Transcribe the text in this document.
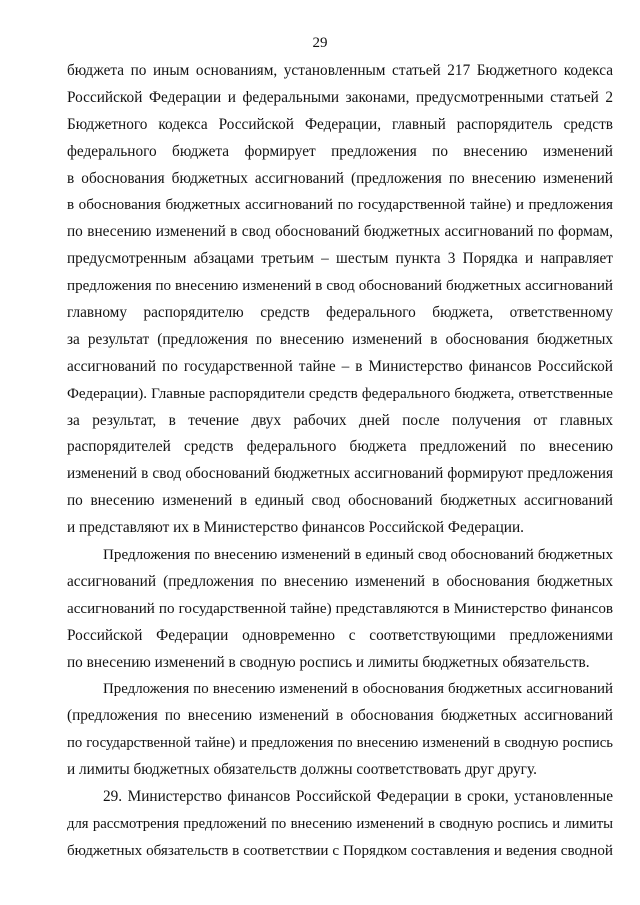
29
бюджета по иным основаниям, установленным статьей 217 Бюджетного кодекса
Российской Федерации и федеральными законами, предусмотренными статьей 2
Бюджетного кодекса Российской Федерации, главный распорядитель средств
федерального бюджета формирует предложения по внесению изменений
в обоснования бюджетных ассигнований (предложения по внесению изменений
в обоснования бюджетных ассигнований по государственной тайне) и предложения
по внесению изменений в свод обоснований бюджетных ассигнований по формам,
предусмотренным абзацами третьим – шестым пункта 3 Порядка и направляет
предложения по внесению изменений в свод обоснований бюджетных ассигнований
главному распорядителю средств федерального бюджета, ответственному
за результат (предложения по внесению изменений в обоснования бюджетных
ассигнований по государственной тайне – в Министерство финансов Российской
Федерации). Главные распорядители средств федерального бюджета, ответственные
за результат, в течение двух рабочих дней после получения от главных
распорядителей средств федерального бюджета предложений по внесению
изменений в свод обоснований бюджетных ассигнований формируют предложения
по внесению изменений в единый свод обоснований бюджетных ассигнований
и представляют их в Министерство финансов Российской Федерации.
Предложения по внесению изменений в единый свод обоснований бюджетных
ассигнований (предложения по внесению изменений в обоснования бюджетных
ассигнований по государственной тайне) представляются в Министерство финансов
Российской Федерации одновременно с соответствующими предложениями
по внесению изменений в сводную роспись и лимиты бюджетных обязательств.
Предложения по внесению изменений в обоснования бюджетных ассигнований
(предложения по внесению изменений в обоснования бюджетных ассигнований
по государственной тайне) и предложения по внесению изменений в сводную роспись
и лимиты бюджетных обязательств должны соответствовать друг другу.
29. Министерство финансов Российской Федерации в сроки, установленные
для рассмотрения предложений по внесению изменений в сводную роспись и лимиты
бюджетных обязательств в соответствии с Порядком составления и ведения сводной
